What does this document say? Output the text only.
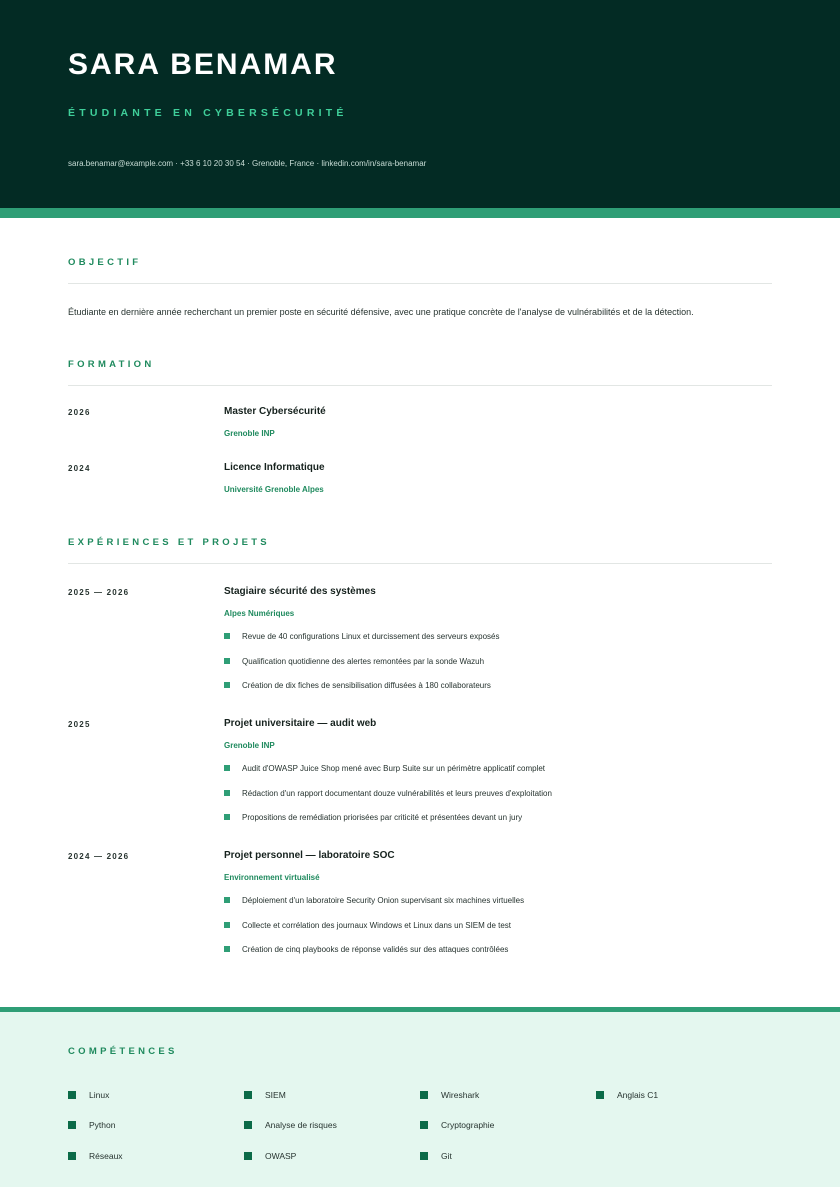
SARA BENAMAR
ÉTUDIANTE EN CYBERSÉCURITÉ
sara.benamar@example.com · +33 6 10 20 30 54 · Grenoble, France · linkedin.com/in/sara-benamar
OBJECTIF
Étudiante en dernière année recherchant un premier poste en sécurité défensive, avec une pratique concrète de l'analyse de vulnérabilités et de la détection.
FORMATION
2026	Master Cybersécurité
Grenoble INP
2024	Licence Informatique
Université Grenoble Alpes
EXPÉRIENCES ET PROJETS
2025 — 2026	Stagiaire sécurité des systèmes
Alpes Numériques
Revue de 40 configurations Linux et durcissement des serveurs exposés
Qualification quotidienne des alertes remontées par la sonde Wazuh
Création de dix fiches de sensibilisation diffusées à 180 collaborateurs
2025	Projet universitaire — audit web
Grenoble INP
Audit d'OWASP Juice Shop mené avec Burp Suite sur un périmètre applicatif complet
Rédaction d'un rapport documentant douze vulnérabilités et leurs preuves d'exploitation
Propositions de remédiation priorisées par criticité et présentées devant un jury
2024 — 2026	Projet personnel — laboratoire SOC
Environnement virtualisé
Déploiement d'un laboratoire Security Onion supervisant six machines virtuelles
Collecte et corrélation des journaux Windows et Linux dans un SIEM de test
Création de cinq playbooks de réponse validés sur des attaques contrôlées
COMPÉTENCES
Linux	SIEM	Wireshark	Anglais C1
Python	Analyse de risques	Cryptographie
Réseaux	OWASP	Git
